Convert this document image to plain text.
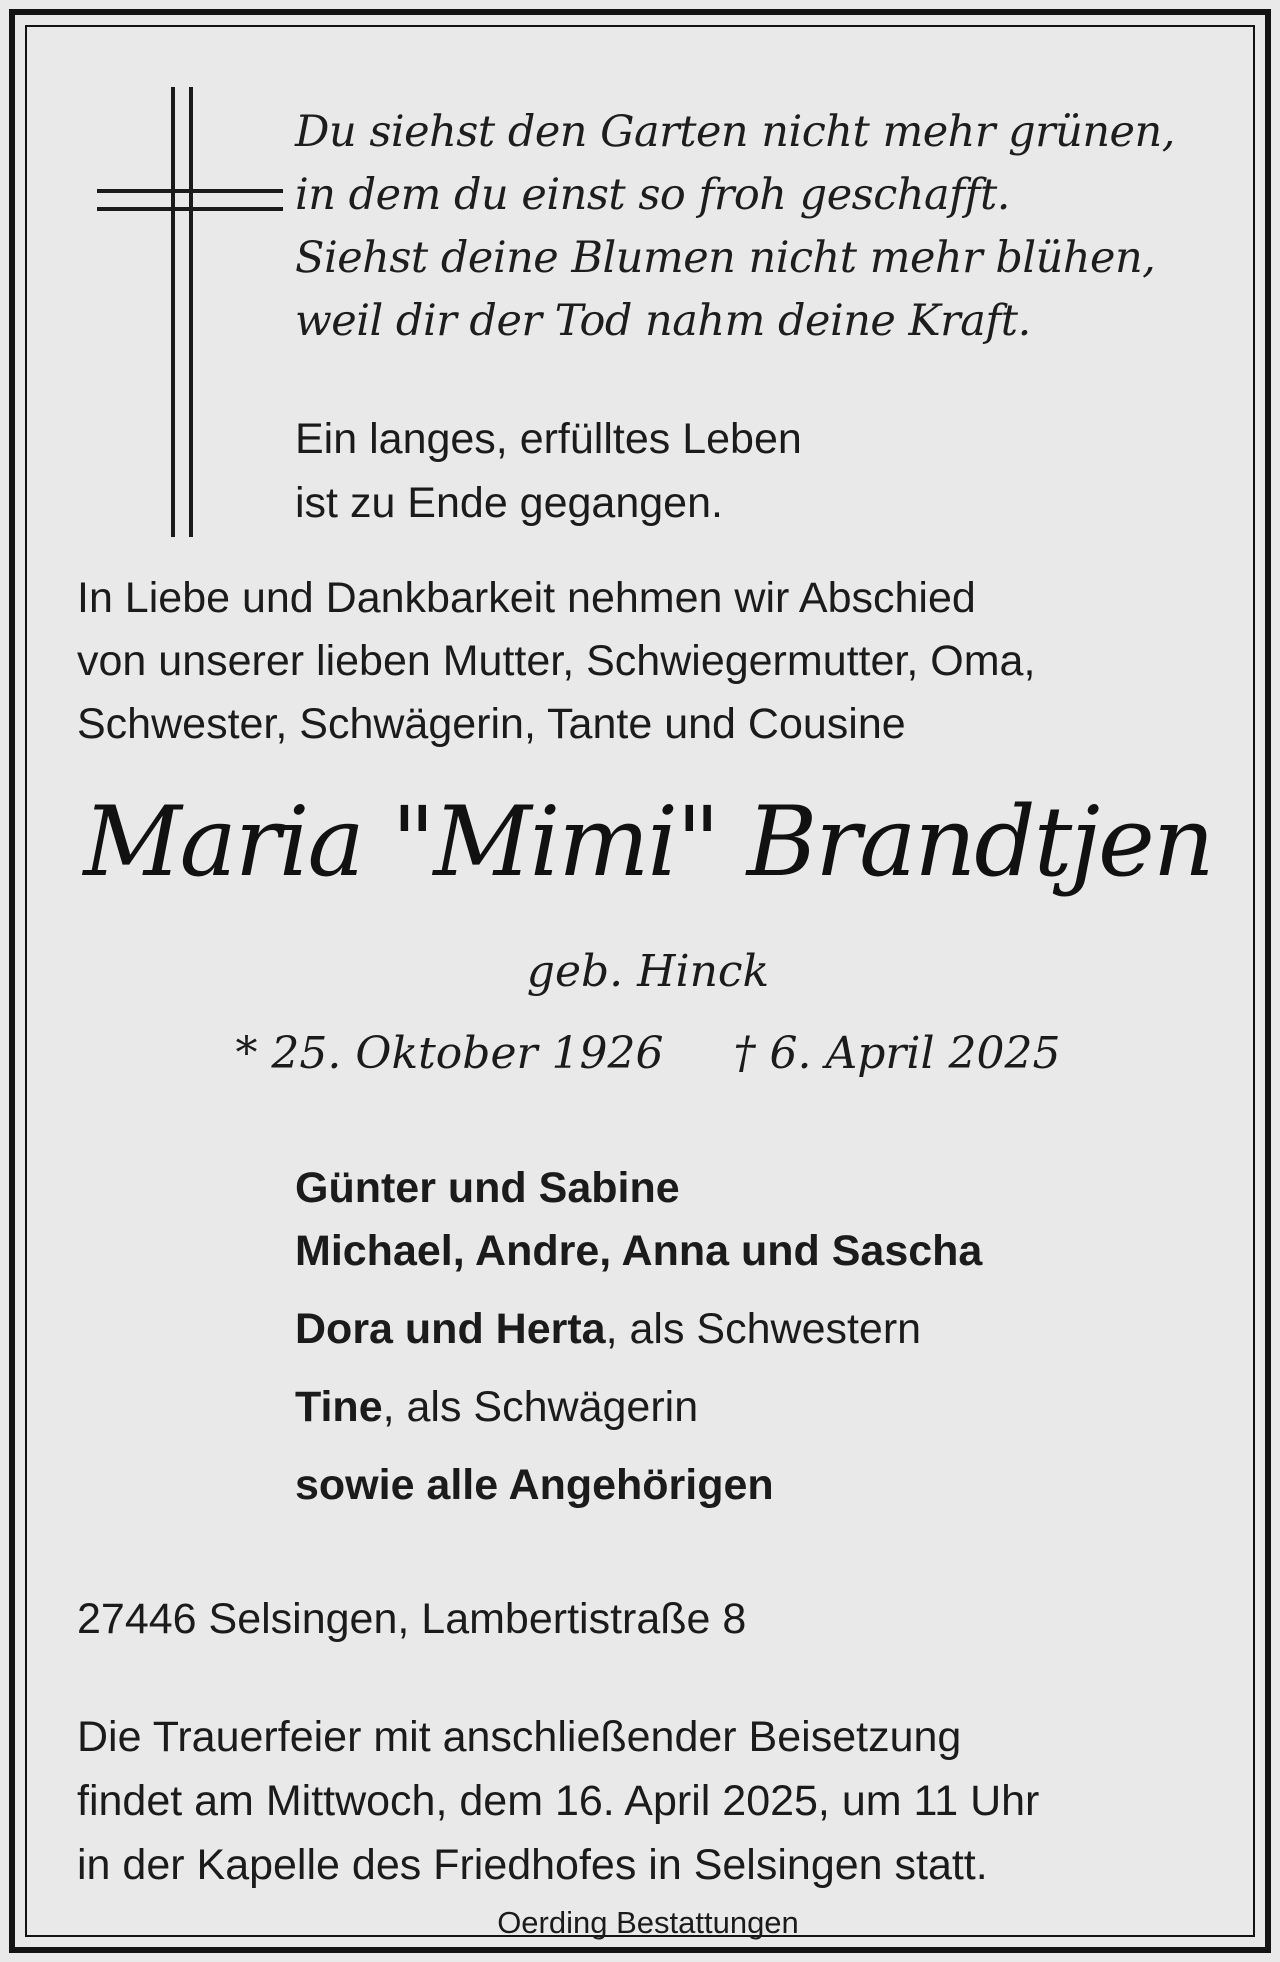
Du siehst den Garten nicht mehr grünen,
in dem du einst so froh geschafft.
Siehst deine Blumen nicht mehr blühen,
weil dir der Tod nahm deine Kraft.
Ein langes, erfülltes Leben
ist zu Ende gegangen.
In Liebe und Dankbarkeit nehmen wir Abschied
von unserer lieben Mutter, Schwiegermutter, Oma,
Schwester, Schwägerin, Tante und Cousine
Maria "Mimi" Brandtjen
geb. Hinck
* 25. Oktober 1926 † 6. April 2025
Günter und Sabine
Michael, Andre, Anna und Sascha
Dora und Herta, als Schwestern
Tine, als Schwägerin
sowie alle Angehörigen
27446 Selsingen, Lambertistraße 8
Die Trauerfeier mit anschließender Beisetzung
findet am Mittwoch, dem 16. April 2025, um 11 Uhr
in der Kapelle des Friedhofes in Selsingen statt.
Oerding Bestattungen
